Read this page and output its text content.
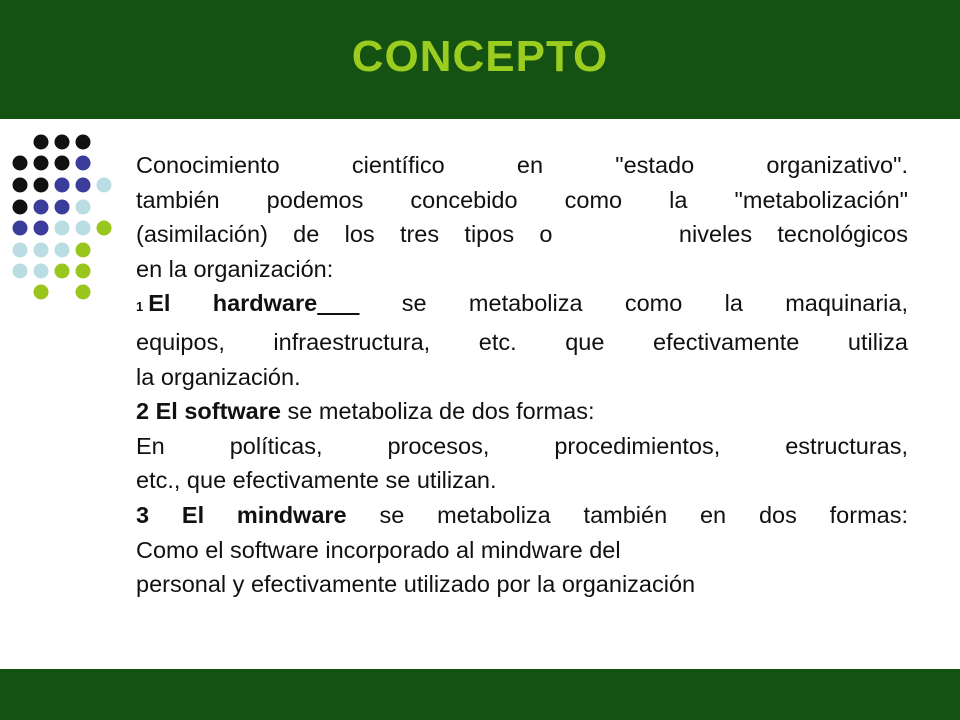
CONCEPTO

Conocimiento científico en "estado organizativo".

también podemos concebido como la "metabolización"

(asimilación) de los tres tipos o     niveles tecnológicos

en la organización:

1 El hardware  se metaboliza como la maquinaria,

equipos, infraestructura, etc. que efectivamente utiliza

la organización.

2 El software se metaboliza de dos formas:

En políticas, procesos, procedimientos, estructuras,

etc., que efectivamente se utilizan.

3 El mindware se metaboliza también en dos formas:

Como el software incorporado al mindware del

personal y efectivamente utilizado por la organización
